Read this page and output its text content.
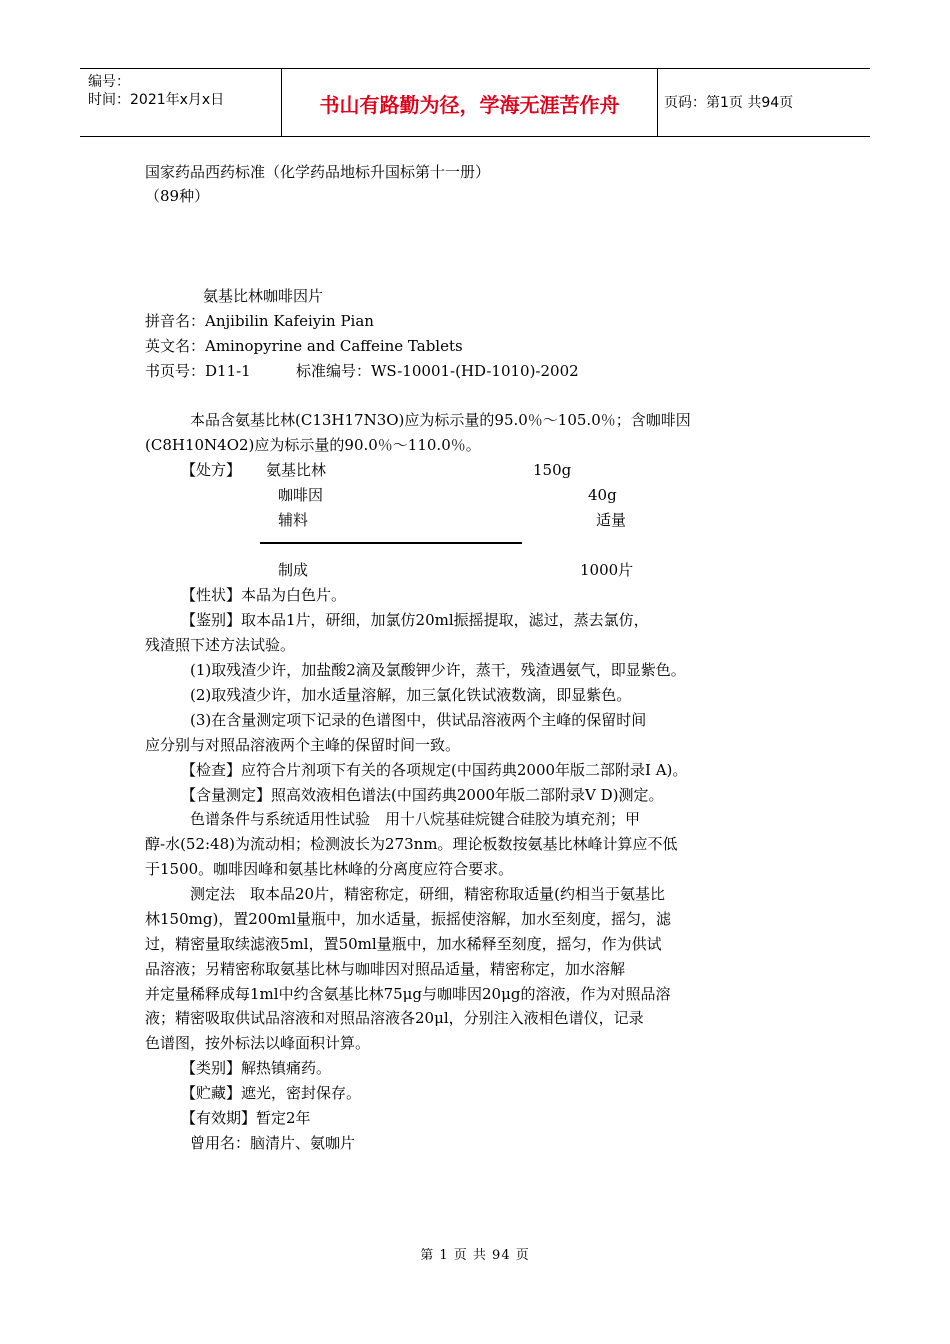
编号：
时间：2021年x月x日	书山有路勤为径，学海无涯苦作舟	页码：第1页 共94页
国家药品西药标准（化学药品地标升国标第十一册）
（89种）
氨基比林咖啡因片
拼音名：Anjibilin Kafeiyin Pian
英文名：Aminopyrine and Caffeine Tablets
书页号：D11-1	标准编号：WS-10001-(HD-1010)-2002
本品含氨基比林(C13H17N3O)应为标示量的95.0％～105.0％；含咖啡因
(C8H10N4O2)应为标示量的90.0％～110.0％。
【处方】 氨基比林	150g
咖啡因	40g
辅料	适量
制成	1000片
【性状】本品为白色片。
【鉴别】取本品1片，研细，加氯仿20ml振摇提取，滤过，蒸去氯仿，
残渣照下述方法试验。
(1)取残渣少许，加盐酸2滴及氯酸钾少许，蒸干，残渣遇氨气，即显紫色。
(2)取残渣少许，加水适量溶解，加三氯化铁试液数滴，即显紫色。
(3)在含量测定项下记录的色谱图中，供试品溶液两个主峰的保留时间
应分别与对照品溶液两个主峰的保留时间一致。
【检查】应符合片剂项下有关的各项规定(中国药典2000年版二部附录Ⅰ A)。
【含量测定】照高效液相色谱法(中国药典2000年版二部附录Ⅴ D)测定。
色谱条件与系统适用性试验　用十八烷基硅烷键合硅胶为填充剂；甲
醇-水(52:48)为流动相；检测波长为273nm。理论板数按氨基比林峰计算应不低
于1500。咖啡因峰和氨基比林峰的分离度应符合要求。
测定法　取本品20片，精密称定，研细，精密称取适量(约相当于氨基比
林150mg)，置200ml量瓶中，加水适量，振摇使溶解，加水至刻度，摇匀，滤
过，精密量取续滤液5ml，置50ml量瓶中，加水稀释至刻度，摇匀，作为供试
品溶液；另精密称取氨基比林与咖啡因对照品适量，精密称定，加水溶解
并定量稀释成每1ml中约含氨基比林75μg与咖啡因20μg的溶液，作为对照品溶
液；精密吸取供试品溶液和对照品溶液各20μl，分别注入液相色谱仪，记录
色谱图，按外标法以峰面积计算。
【类别】解热镇痛药。
【贮藏】遮光，密封保存。
【有效期】暂定2年
曾用名：脑清片、氨咖片
第 1 页 共 94 页
